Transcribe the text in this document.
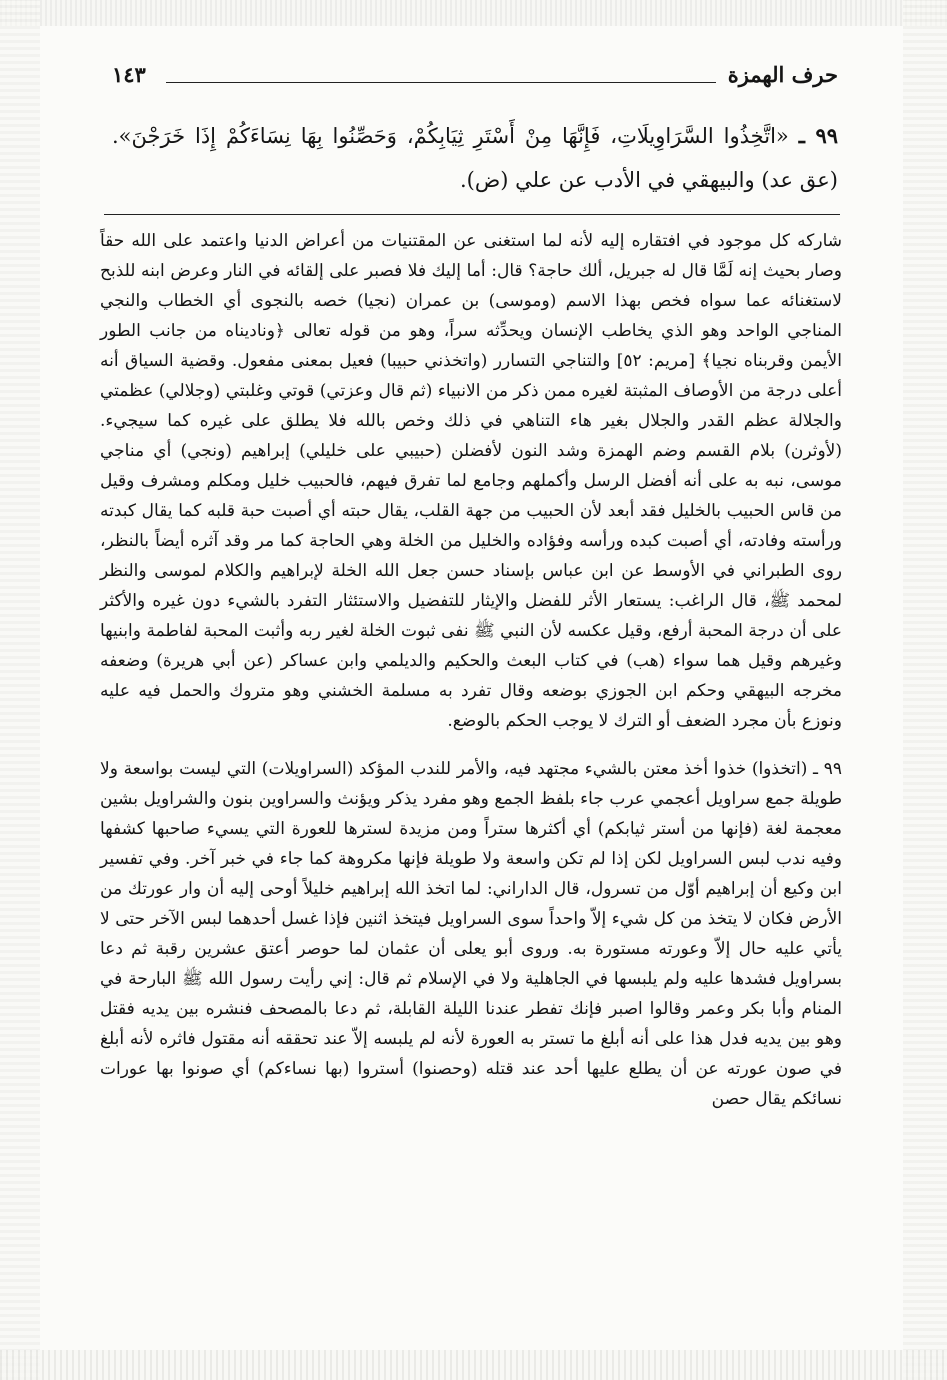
حرف الهمزة
١٤٣

٩٩ ـ «اتَّخِذُوا السَّرَاوِيلَاتِ، فَإِنَّهَا مِنْ أَسْتَرِ ثِيَابِكُمْ، وَحَصِّنُوا بِهَا نِسَاءَكُمْ إِذَا خَرَجْنَ». (عق عد) والبيهقي في الأدب عن علي (ض).

شاركه كل موجود في افتقاره إليه لأنه لما استغنى عن المقتنيات من أعراض الدنيا واعتمد على الله حقاً وصار بحيث إنه لَمَّا قال له جبريل، ألك حاجة؟ قال: أما إليك فلا فصبر على إلقائه في النار وعرض ابنه للذبح لاستغنائه عما سواه فخص بهذا الاسم (وموسى) بن عمران (نجيا) خصه بالنجوى أي الخطاب والنجي المناجي الواحد وهو الذي يخاطب الإنسان ويحدِّثه سراً، وهو من قوله تعالى ﴿وناديناه من جانب الطور الأيمن وقربناه نجيا﴾ [مريم: ٥٢] والتناجي التسارر (واتخذني حبيبا) فعيل بمعنى مفعول. وقضية السياق أنه أعلى درجة من الأوصاف المثبتة لغيره ممن ذكر من الانبياء (ثم قال وعزتي) قوتي وغلبتي (وجلالي) عظمتي والجلالة عظم القدر والجلال بغير هاء التناهي في ذلك وخص بالله فلا يطلق على غيره كما سيجيء. (لأوثرن) بلام القسم وضم الهمزة وشد النون لأفضلن (حبيبي على خليلي) إبراهيم (ونجي) أي مناجي موسى، نبه به على أنه أفضل الرسل وأكملهم وجامع لما تفرق فيهم، فالحبيب خليل ومكلم ومشرف وقيل من قاس الحبيب بالخليل فقد أبعد لأن الحبيب من جهة القلب، يقال حبته أي أصبت حبة قلبه كما يقال كبدته ورأسته وفادته، أي أصبت كبده ورأسه وفؤاده والخليل من الخلة وهي الحاجة كما مر وقد آثره أيضاً بالنظر، روى الطبراني في الأوسط عن ابن عباس بإسناد حسن جعل الله الخلة لإبراهيم والكلام لموسى والنظر لمحمد ﷺ، قال الراغب: يستعار الأثر للفضل والإيثار للتفضيل والاستئثار التفرد بالشيء دون غيره والأكثر على أن درجة المحبة أرفع، وقيل عكسه لأن النبي ﷺ نفى ثبوت الخلة لغير ربه وأثبت المحبة لفاطمة وابنيها وغيرهم وقيل هما سواء (هب) في كتاب البعث والحكيم والديلمي وابن عساكر (عن أبي هريرة) وضعفه مخرجه البيهقي وحكم ابن الجوزي بوضعه وقال تفرد به مسلمة الخشني وهو متروك والحمل فيه عليه ونوزع بأن مجرد الضعف أو الترك لا يوجب الحكم بالوضع.

٩٩ ـ (اتخذوا) خذوا أخذ معتن بالشيء مجتهد فيه، والأمر للندب المؤكد (السراويلات) التي ليست بواسعة ولا طويلة جمع سراويل أعجمي عرب جاء بلفظ الجمع وهو مفرد يذكر ويؤنث والسراوين بنون والشراويل بشين معجمة لغة (فإنها من أستر ثيابكم) أي أكثرها ستراً ومن مزيدة لسترها للعورة التي يسيء صاحبها كشفها وفيه ندب لبس السراويل لكن إذا لم تكن واسعة ولا طويلة فإنها مكروهة كما جاء في خبر آخر. وفي تفسير ابن وكيع أن إبراهيم أوّل من تسرول، قال الداراني: لما اتخذ الله إبراهيم خليلاً أوحى إليه أن وار عورتك من الأرض فكان لا يتخذ من كل شيء إلاّ واحداً سوى السراويل فيتخذ اثنين فإذا غسل أحدهما لبس الآخر حتى لا يأتي عليه حال إلاّ وعورته مستورة به. وروى أبو يعلى أن عثمان لما حوصر أعتق عشرين رقبة ثم دعا بسراويل فشدها عليه ولم يلبسها في الجاهلية ولا في الإسلام ثم قال: إني رأيت رسول الله ﷺ البارحة في المنام وأبا بكر وعمر وقالوا اصبر فإنك تفطر عندنا الليلة القابلة، ثم دعا بالمصحف فنشره بين يديه فقتل وهو بين يديه فدل هذا على أنه أبلغ ما تستر به العورة لأنه لم يلبسه إلاّ عند تحققه أنه مقتول فاثره لأنه أبلغ في صون عورته عن أن يطلع عليها أحد عند قتله (وحصنوا) أستروا (بها نساءكم) أي صونوا بها عورات نسائكم يقال حصن
